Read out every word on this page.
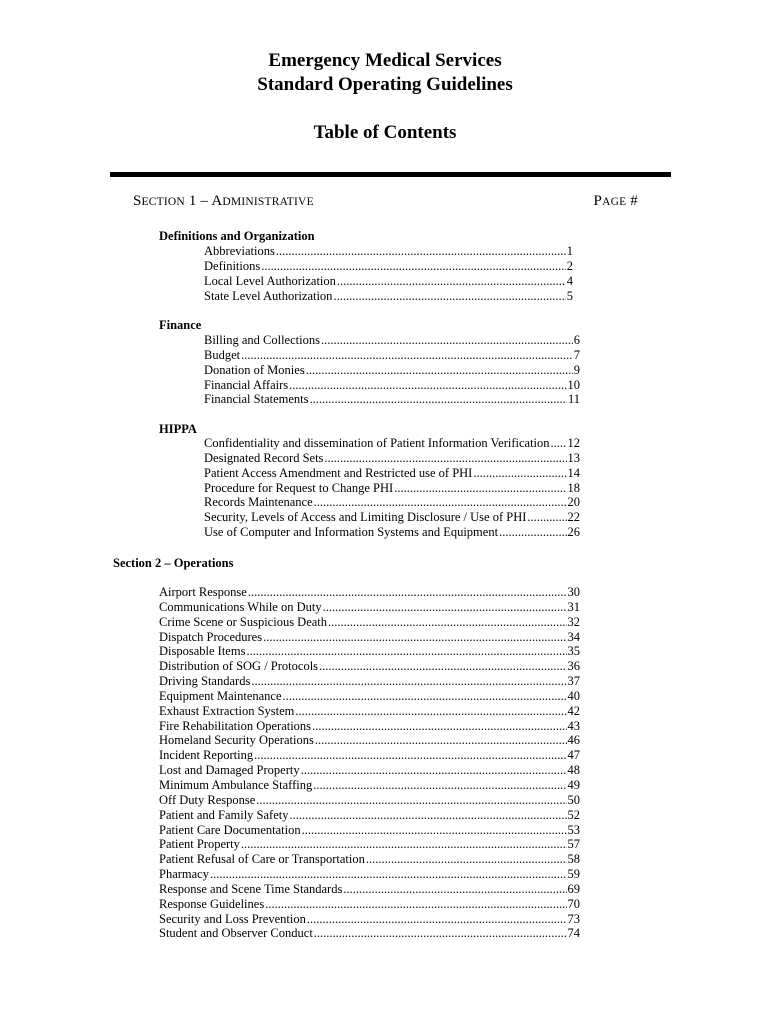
Emergency Medical Services
Standard Operating Guidelines
Table of Contents
SECTION 1 – ADMINISTRATIVE	PAGE #
Definitions and Organization
Abbreviations .....	1
Definitions .....	2
Local Level Authorization .....	4
State Level Authorization .....	5
Finance
Billing and Collections .....	6
Budget .....	7
Donation of Monies .....	9
Financial Affairs .....	10
Financial Statements .....	11
HIPPA
Confidentiality and dissemination of Patient Information Verification ..... 12
Designated Record Sets .....	13
Patient Access Amendment and Restricted use of PHI .....	14
Procedure for Request to Change PHI .....	18
Records Maintenance .....	20
Security, Levels of Access and Limiting Disclosure / Use of PHI .....	22
Use of Computer and Information Systems and Equipment .....	26
Section 2 – Operations
Airport Response .....	30
Communications While on Duty .....	31
Crime Scene or Suspicious Death .....	32
Dispatch Procedures .....	34
Disposable Items .....	35
Distribution of SOG / Protocols .....	36
Driving Standards .....	37
Equipment Maintenance .....	40
Exhaust Extraction System .....	42
Fire Rehabilitation Operations .....	43
Homeland Security Operations .....	46
Incident Reporting .....	47
Lost and Damaged Property .....	48
Minimum Ambulance Staffing .....	49
Off Duty Response .....	50
Patient and Family Safety .....	52
Patient Care Documentation .....	53
Patient Property .....	57
Patient Refusal of Care or Transportation .....	58
Pharmacy .....	59
Response and Scene Time Standards .....	69
Response Guidelines .....	70
Security and Loss Prevention .....	73
Student and Observer Conduct .....	74
